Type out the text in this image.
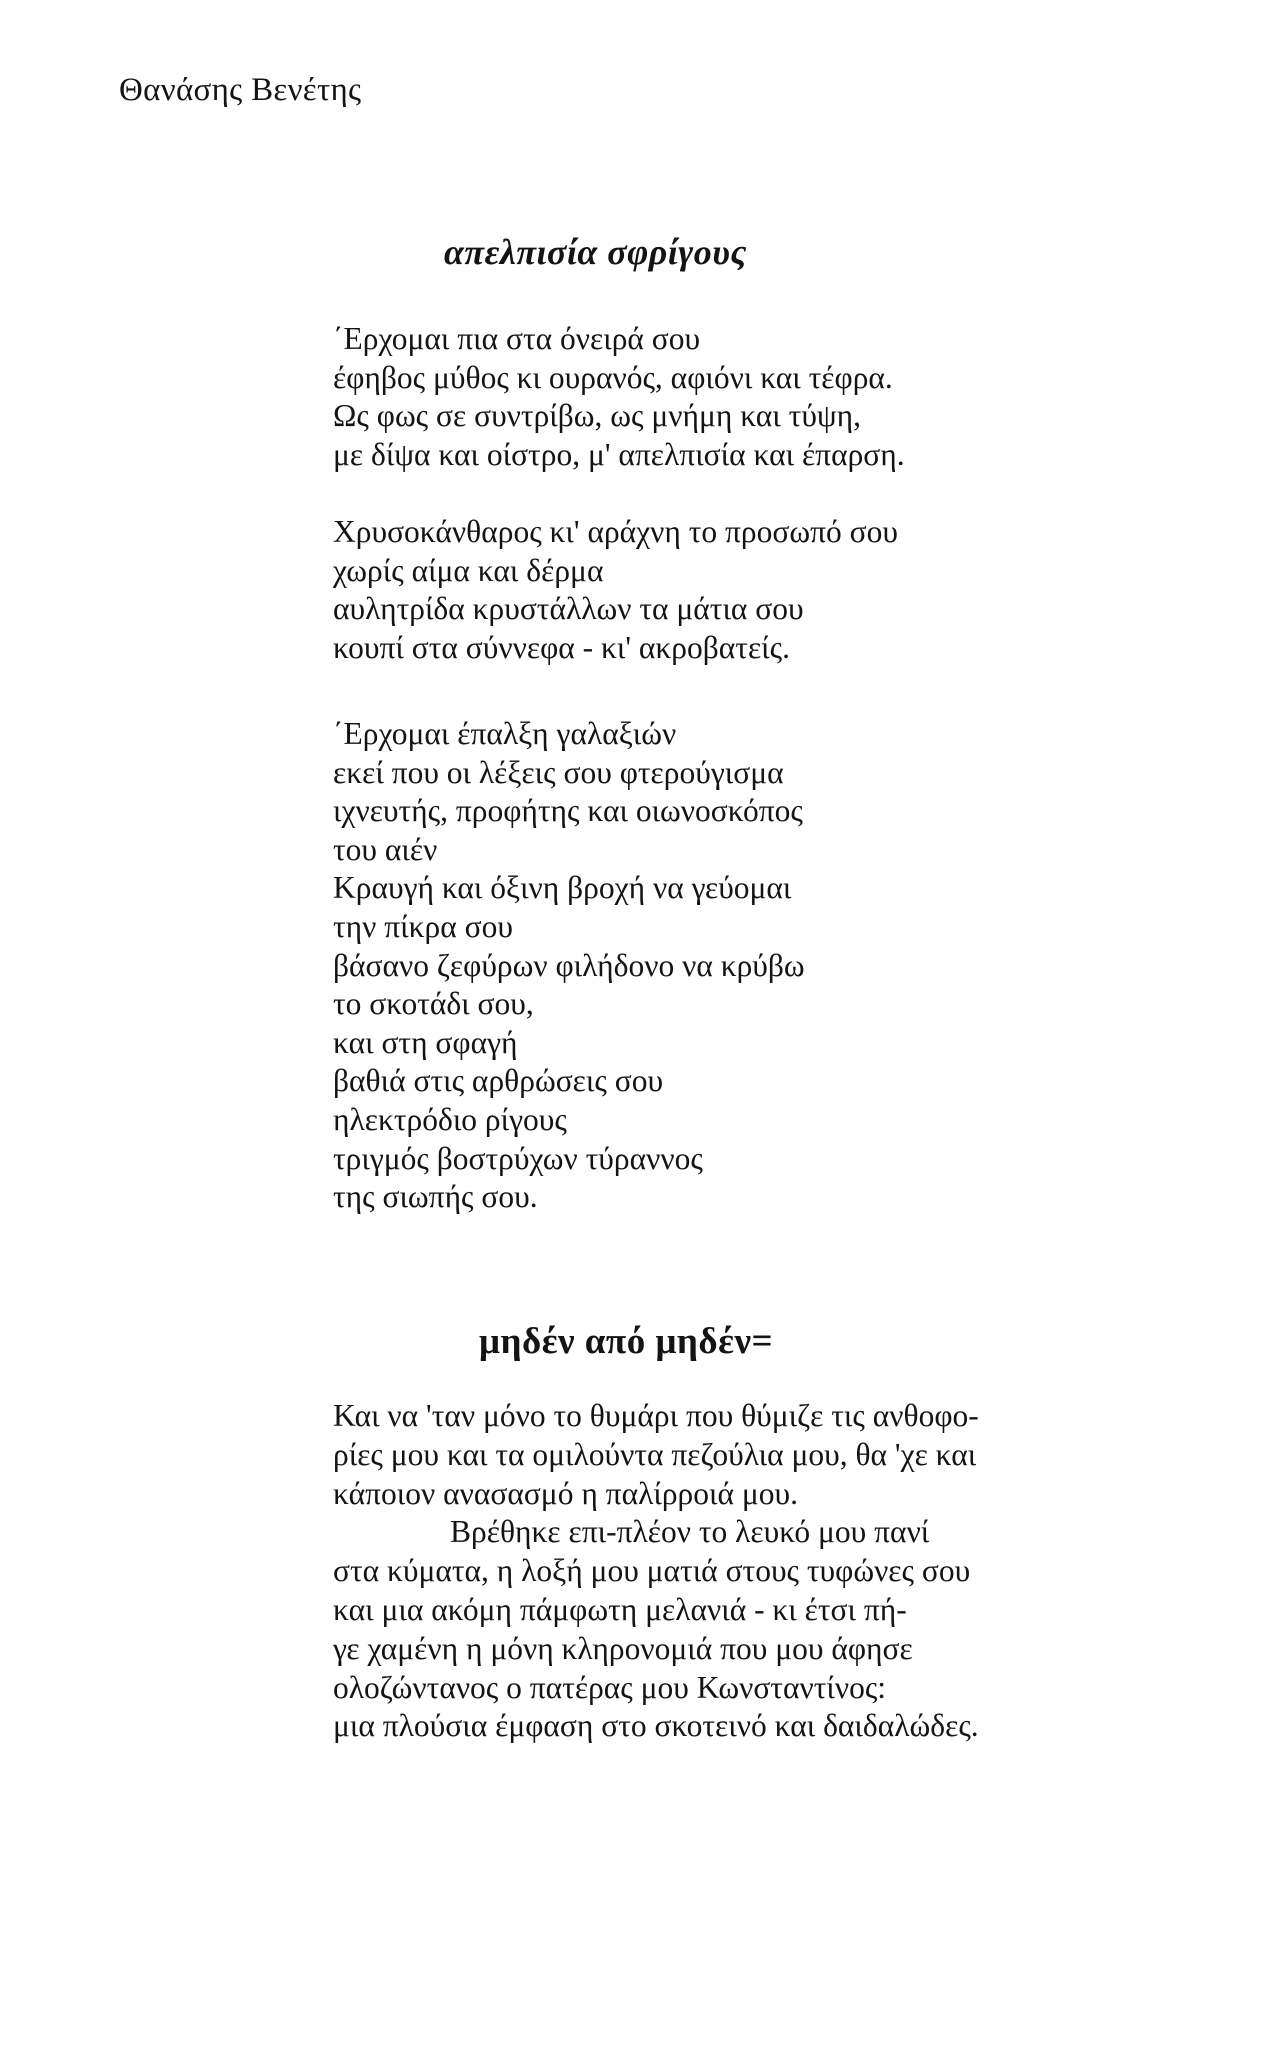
Θανάσης Βενέτης
απελπισία σφρίγους
΄Ερχομαι πια στα όνειρά σου
έφηβος μύθος κι ουρανός, αφιόνι και τέφρα.
Ως φως σε συντρίβω, ως μνήμη και τύψη,
με δίψα και οίστρο, μ' απελπισία και έπαρση.
Χρυσοκάνθαρος κι' αράχνη το προσωπό σου
χωρίς αίμα και δέρμα
αυλητρίδα κρυστάλλων τα μάτια σου
κουπί στα σύννεφα - κι' ακροβατείς.
΄Ερχομαι έπαλξη γαλαξιών
εκεί που οι λέξεις σου φτερούγισμα
ιχνευτής, προφήτης και οιωνοσκόπος
του αιέν
Κραυγή και όξινη βροχή να γεύομαι
την πίκρα σου
βάσανο ζεφύρων φιλήδονο να κρύβω
το σκοτάδι σου,
και στη σφαγή
βαθιά στις αρθρώσεις σου
ηλεκτρόδιο ρίγους
τριγμός βοστρύχων τύραννος
της σιωπής σου.
μηδέν από μηδέν=
Και να 'ταν μόνο το θυμάρι που θύμιζε τις ανθοφο-
ρίες μου και τα ομιλούντα πεζούλια μου, θα 'χε και
κάποιον ανασασμό η παλίρροιά μου.
Βρέθηκε επι-πλέον το λευκό μου πανί
στα κύματα, η λοξή μου ματιά στους τυφώνες σου
και μια ακόμη πάμφωτη μελανιά - κι έτσι πή-
γε χαμένη η μόνη κληρονομιά που μου άφησε
ολοζώντανος ο πατέρας μου Κωνσταντίνος:
μια πλούσια έμφαση στο σκοτεινό και δαιδαλώδες.
